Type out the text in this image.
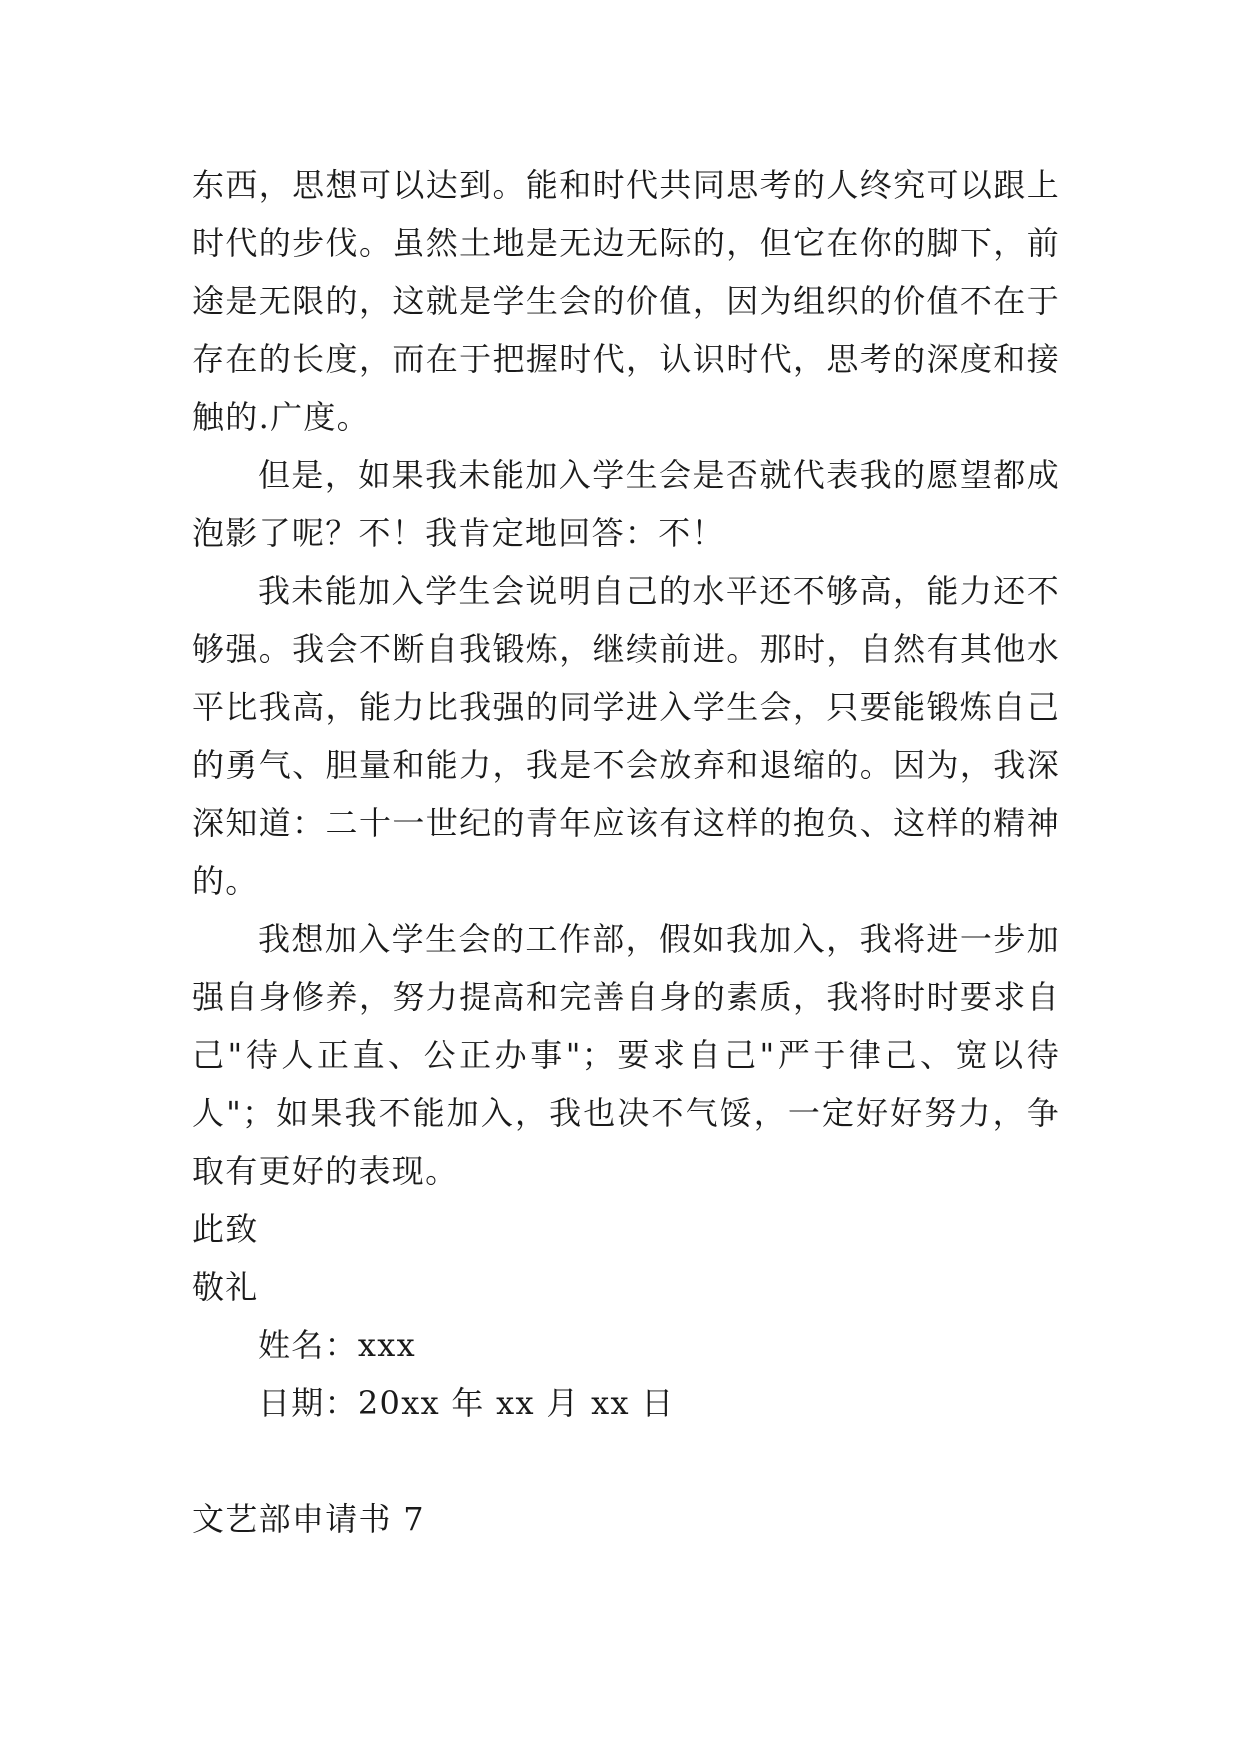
东西，思想可以达到。能和时代共同思考的人终究可以跟上时代的步伐。虽然土地是无边无际的，但它在你的脚下，前途是无限的，这就是学生会的价值，因为组织的价值不在于存在的长度，而在于把握时代，认识时代，思考的深度和接触的.广度。

但是，如果我未能加入学生会是否就代表我的愿望都成泡影了呢？不！我肯定地回答：不！

我未能加入学生会说明自己的水平还不够高，能力还不够强。我会不断自我锻炼，继续前进。那时，自然有其他水平比我高，能力比我强的同学进入学生会，只要能锻炼自己的勇气、胆量和能力，我是不会放弃和退缩的。因为，我深深知道：二十一世纪的青年应该有这样的抱负、这样的精神的。

我想加入学生会的工作部，假如我加入，我将进一步加强自身修养，努力提高和完善自身的素质，我将时时要求自己"待人正直、公正办事"；要求自己"严于律己、宽以待人"；如果我不能加入，我也决不气馁，一定好好努力，争取有更好的表现。

此致

敬礼

姓名：xxx

日期：20xx 年 xx 月 xx 日

文艺部申请书 7
